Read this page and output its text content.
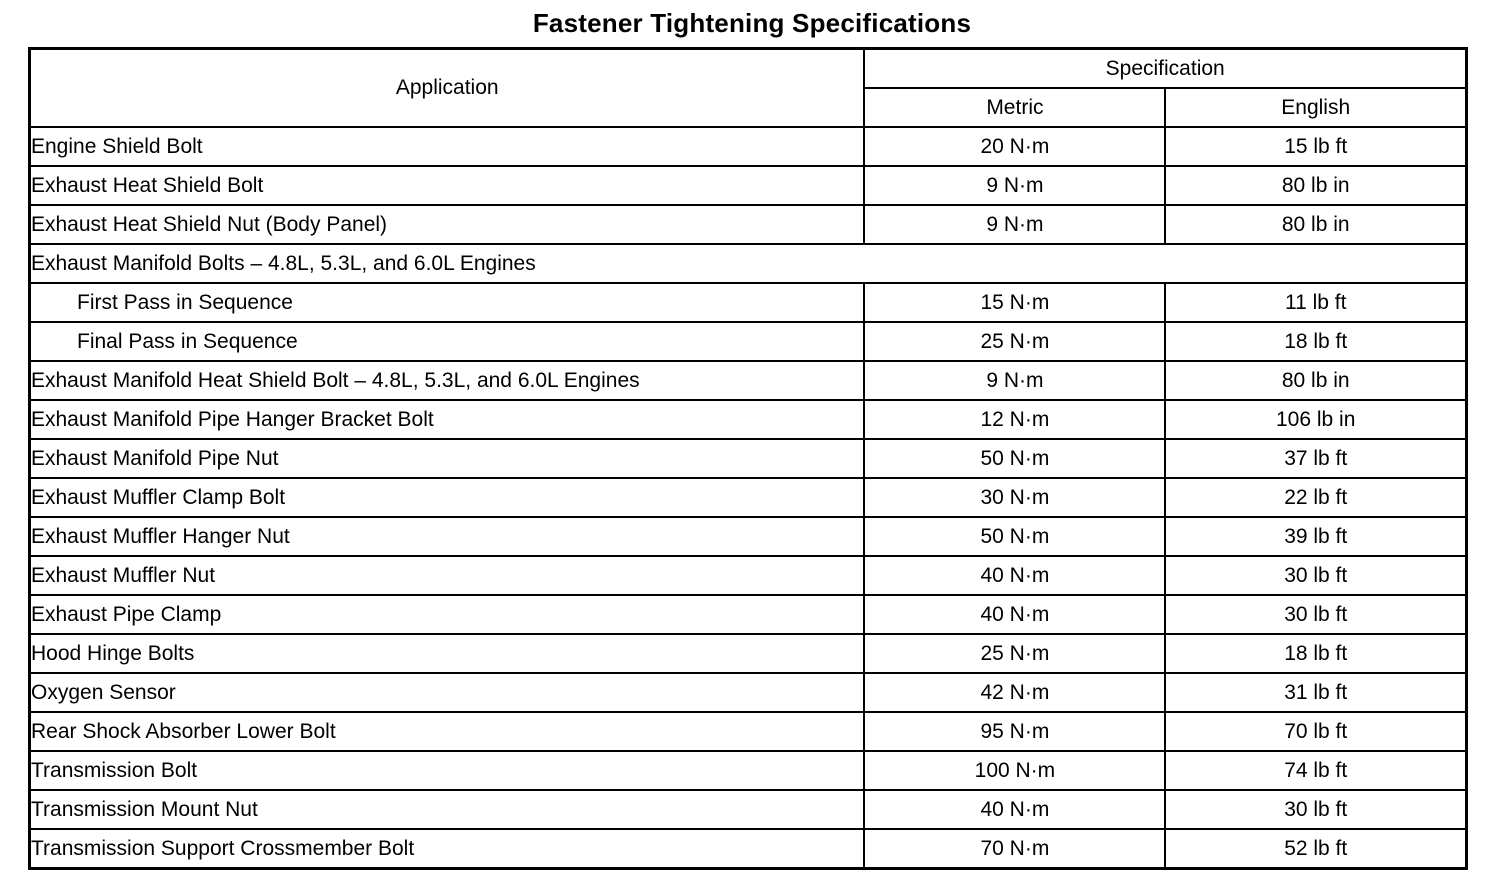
Fastener Tightening Specifications
Application	Specification	
	Metric	English
Engine Shield Bolt	20 N·m	15 lb ft
Exhaust Heat Shield Bolt	9 N·m	80 lb in
Exhaust Heat Shield Nut (Body Panel)	9 N·m	80 lb in
Exhaust Manifold Bolts – 4.8L, 5.3L, and 6.0L Engines		
First Pass in Sequence	15 N·m	11 lb ft
Final Pass in Sequence	25 N·m	18 lb ft
Exhaust Manifold Heat Shield Bolt – 4.8L, 5.3L, and 6.0L Engines	9 N·m	80 lb in
Exhaust Manifold Pipe Hanger Bracket Bolt	12 N·m	106 lb in
Exhaust Manifold Pipe Nut	50 N·m	37 lb ft
Exhaust Muffler Clamp Bolt	30 N·m	22 lb ft
Exhaust Muffler Hanger Nut	50 N·m	39 lb ft
Exhaust Muffler Nut	40 N·m	30 lb ft
Exhaust Pipe Clamp	40 N·m	30 lb ft
Hood Hinge Bolts	25 N·m	18 lb ft
Oxygen Sensor	42 N·m	31 lb ft
Rear Shock Absorber Lower Bolt	95 N·m	70 lb ft
Transmission Bolt	100 N·m	74 lb ft
Transmission Mount Nut	40 N·m	30 lb ft
Transmission Support Crossmember Bolt	70 N·m	52 lb ft
